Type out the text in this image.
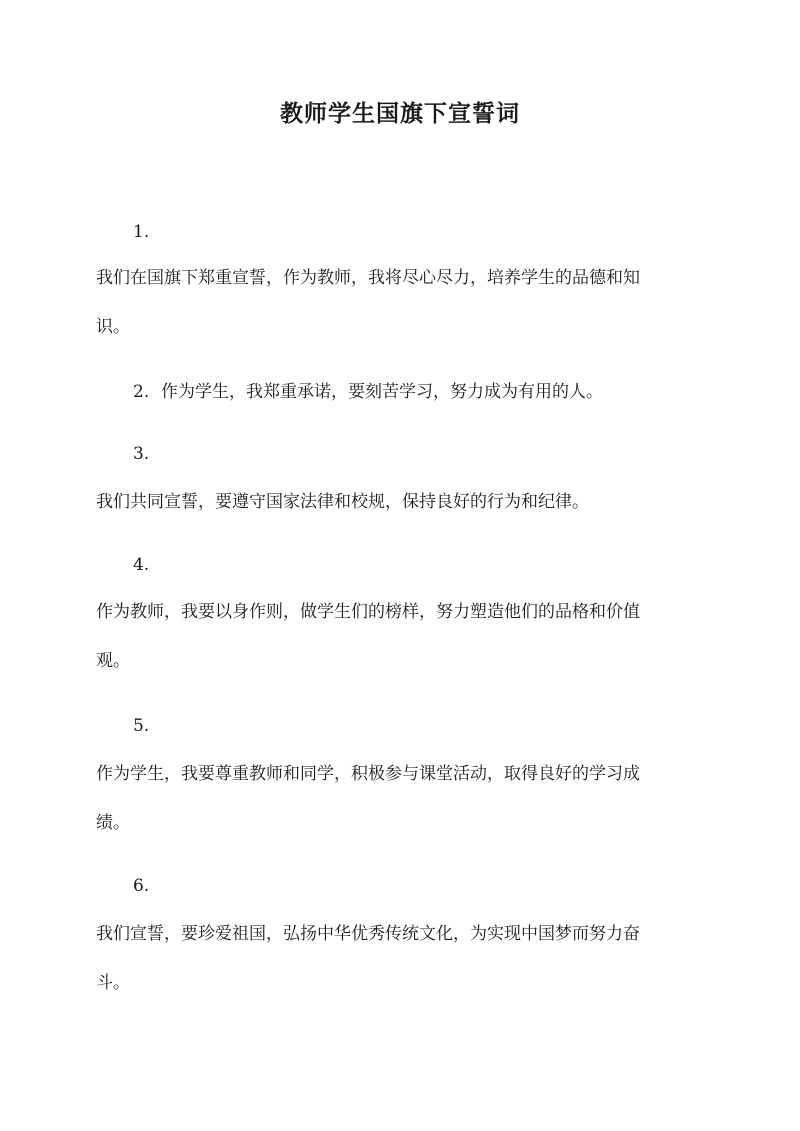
教师学生国旗下宣誓词
1.
我们在国旗下郑重宣誓，作为教师，我将尽心尽力，培养学生的品德和知
识。
2. 作为学生，我郑重承诺，要刻苦学习，努力成为有用的人。
3.
我们共同宣誓，要遵守国家法律和校规，保持良好的行为和纪律。
4.
作为教师，我要以身作则，做学生们的榜样，努力塑造他们的品格和价值
观。
5.
作为学生，我要尊重教师和同学，积极参与课堂活动，取得良好的学习成
绩。
6.
我们宣誓，要珍爱祖国，弘扬中华优秀传统文化，为实现中国梦而努力奋
斗。
